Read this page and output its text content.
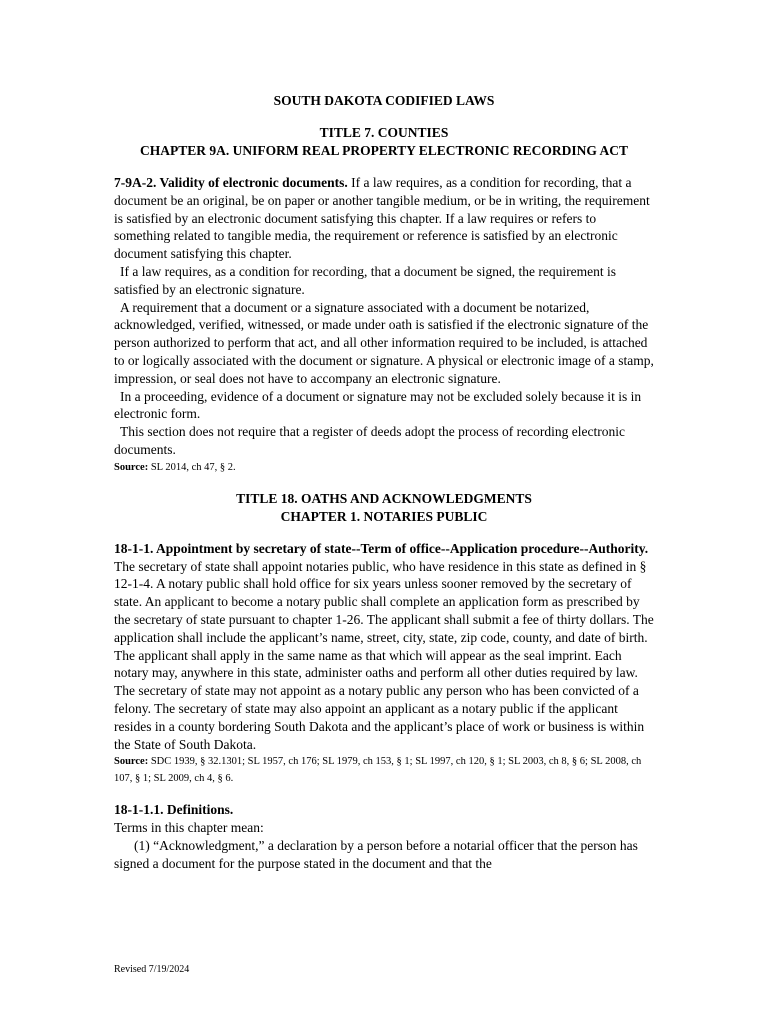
SOUTH DAKOTA CODIFIED LAWS
TITLE 7. COUNTIES
CHAPTER 9A. UNIFORM REAL PROPERTY ELECTRONIC RECORDING ACT

7-9A-2. Validity of electronic documents. If a law requires, as a condition for recording, that a document be an original, be on paper or another tangible medium, or be in writing, the requirement is satisfied by an electronic document satisfying this chapter. If a law requires or refers to something related to tangible media, the requirement or reference is satisfied by an electronic document satisfying this chapter.

If a law requires, as a condition for recording, that a document be signed, the requirement is satisfied by an electronic signature.

A requirement that a document or a signature associated with a document be notarized, acknowledged, verified, witnessed, or made under oath is satisfied if the electronic signature of the person authorized to perform that act, and all other information required to be included, is attached to or logically associated with the document or signature. A physical or electronic image of a stamp, impression, or seal does not have to accompany an electronic signature.

In a proceeding, evidence of a document or signature may not be excluded solely because it is in electronic form.

This section does not require that a register of deeds adopt the process of recording electronic documents.

Source: SL 2014, ch 47, § 2.

TITLE 18. OATHS AND ACKNOWLEDGMENTS
CHAPTER 1. NOTARIES PUBLIC
18-1-1. Appointment by secretary of state--Term of office--Application procedure--Authority.

The secretary of state shall appoint notaries public, who have residence in this state as defined in § 12-1-4. A notary public shall hold office for six years unless sooner removed by the secretary of state. An applicant to become a notary public shall complete an application form as prescribed by the secretary of state pursuant to chapter 1-26. The applicant shall submit a fee of thirty dollars. The application shall include the applicant’s name, street, city, state, zip code, county, and date of birth. The applicant shall apply in the same name as that which will appear as the seal imprint. Each notary may, anywhere in this state, administer oaths and perform all other duties required by law. The secretary of state may not appoint as a notary public any person who has been convicted of a felony. The secretary of state may also appoint an applicant as a notary public if the applicant resides in a county bordering South Dakota and the applicant’s place of work or business is within the State of South Dakota.

Source: SDC 1939, § 32.1301; SL 1957, ch 176; SL 1979, ch 153, § 1; SL 1997, ch 120, § 1; SL 2003, ch 8, § 6; SL 2008, ch 107, § 1; SL 2009, ch 4, § 6.

18-1-1.1. Definitions.

Terms in this chapter mean:

(1) “Acknowledgment,” a declaration by a person before a notarial officer that the person has signed a document for the purpose stated in the document and that the

Revised 7/19/2024
